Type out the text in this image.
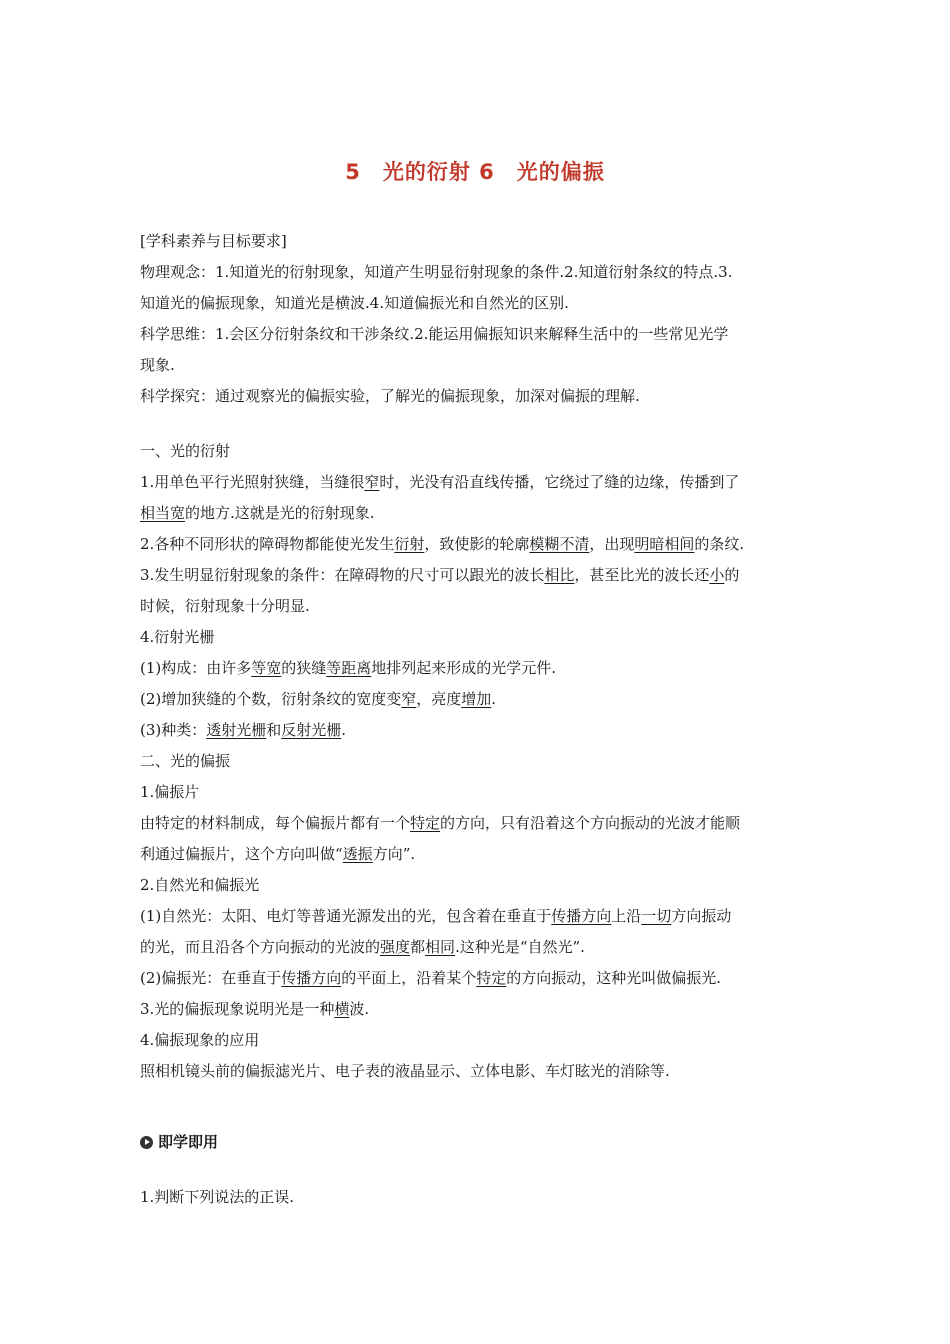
5　光的衍射 6　光的偏振
[学科素养与目标要求]
物理观念：1.知道光的衍射现象，知道产生明显衍射现象的条件.2.知道衍射条纹的特点.3.
知道光的偏振现象，知道光是横波.4.知道偏振光和自然光的区别.
科学思维：1.会区分衍射条纹和干涉条纹.2.能运用偏振知识来解释生活中的一些常见光学
现象.
科学探究：通过观察光的偏振实验，了解光的偏振现象，加深对偏振的理解.
一、光的衍射
1.用单色平行光照射狭缝，当缝很窄时，光没有沿直线传播，它绕过了缝的边缘，传播到了
相当宽的地方.这就是光的衍射现象.
2.各种不同形状的障碍物都能使光发生衍射，致使影的轮廓模糊不清，出现明暗相间的条纹.
3.发生明显衍射现象的条件：在障碍物的尺寸可以跟光的波长相比，甚至比光的波长还小的
时候，衍射现象十分明显.
4.衍射光栅
(1)构成：由许多等宽的狭缝等距离地排列起来形成的光学元件.
(2)增加狭缝的个数，衍射条纹的宽度变窄，亮度增加.
(3)种类：透射光栅和反射光栅.
二、光的偏振
1.偏振片
由特定的材料制成，每个偏振片都有一个特定的方向，只有沿着这个方向振动的光波才能顺
利通过偏振片，这个方向叫做“透振方向”.
2.自然光和偏振光
(1)自然光：太阳、电灯等普通光源发出的光，包含着在垂直于传播方向上沿一切方向振动
的光，而且沿各个方向振动的光波的强度都相同.这种光是“自然光”.
(2)偏振光：在垂直于传播方向的平面上，沿着某个特定的方向振动，这种光叫做偏振光.
3.光的偏振现象说明光是一种横波.
4.偏振现象的应用
照相机镜头前的偏振滤光片、电子表的液晶显示、立体电影、车灯眩光的消除等.
即学即用
1.判断下列说法的正误.
